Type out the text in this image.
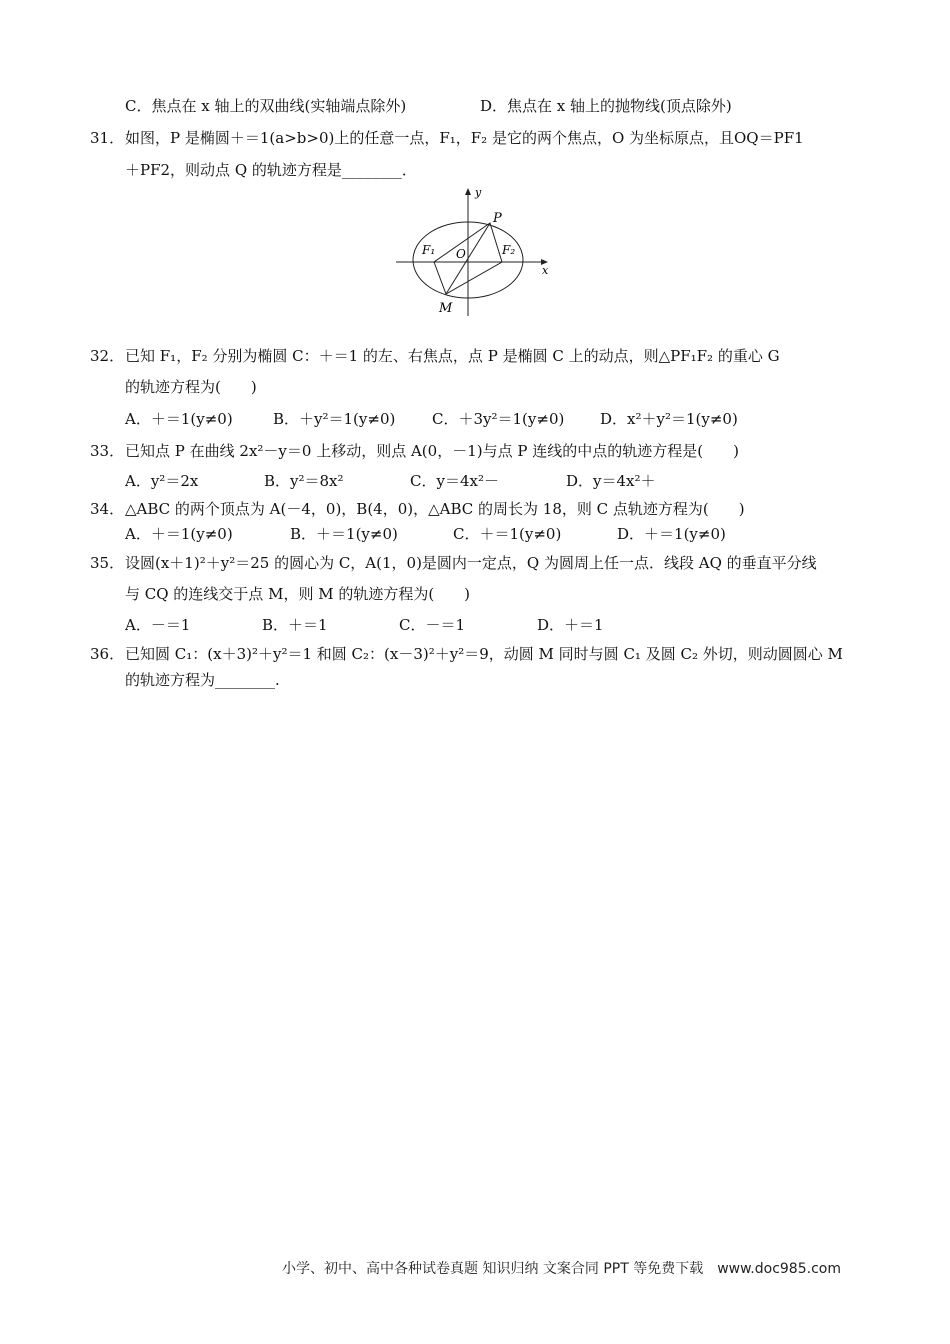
C．焦点在 x 轴上的双曲线(实轴端点除外)	D．焦点在 x 轴上的抛物线(顶点除外)
31． 如图，P 是椭圆＋＝1(a>b>0)上的任意一点，F₁，F₂ 是它的两个焦点，O 为坐标原点，且OQ＝PF1
＋PF2，则动点 Q 的轨迹方程是________．
y
x
P
F₁ O	F₂
M
32． 已知 F₁，F₂ 分别为椭圆 C：＋＝1 的左、右焦点，点 P 是椭圆 C 上的动点，则△PF₁F₂ 的重心 G
的轨迹方程为(　　)
A．＋＝1(y≠0)	B．＋y²＝1(y≠0) C．＋3y²＝1(y≠0) D．x²＋y²＝1(y≠0)
33． 已知点 P 在曲线 2x²－y＝0 上移动，则点 A(0，－1)与点 P 连线的中点的轨迹方程是(　　)
A．y²＝2x	B．y²＝8x²	C．y＝4x²－	D．y＝4x²＋
34． △ABC 的两个顶点为 A(－4，0)，B(4，0)，△ABC 的周长为 18，则 C 点轨迹方程为(　　)
A．＋＝1(y≠0)	B．＋＝1(y≠0)	C．＋＝1(y≠0)	D．＋＝1(y≠0)
35． 设圆(x＋1)²＋y²＝25 的圆心为 C，A(1，0)是圆内一定点，Q 为圆周上任一点．线段 AQ 的垂直平分线
与 CQ 的连线交于点 M，则 M 的轨迹方程为(　　)
A．－＝1	B．＋＝1	C．－＝1	D．＋＝1
36． 已知圆 C₁：(x＋3)²＋y²＝1 和圆 C₂：(x－3)²＋y²＝9，动圆 M 同时与圆 C₁ 及圆 C₂ 外切，则动圆圆心 M
的轨迹方程为________.
小学、初中、高中各种试卷真题 知识归纳 文案合同 PPT 等免费下载　www.doc985.com
